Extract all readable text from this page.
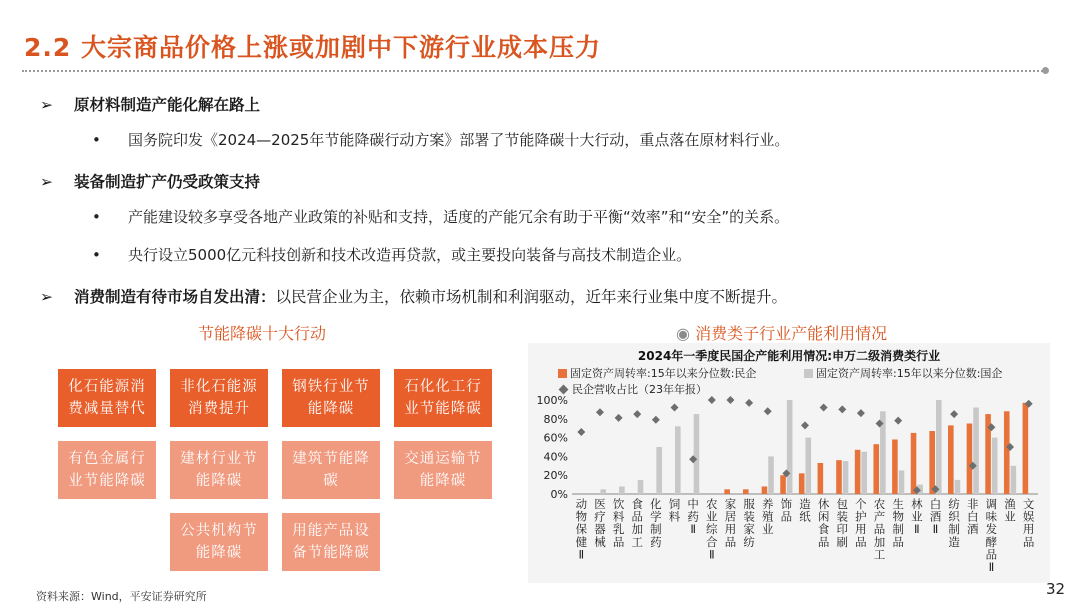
2.2 大宗商品价格上涨或加剧中下游行业成本压力
➢ 原材料制造产能化解在路上
• 国务院印发《2024—2025年节能降碳行动方案》部署了节能降碳十大行动，重点落在原材料行业。
➢ 装备制造扩产仍受政策支持
• 产能建设较多享受各地产业政策的补贴和支持，适度的产能冗余有助于平衡“效率”和“安全”的关系。
• 央行设立5000亿元科技创新和技术改造再贷款，或主要投向装备与高技术制造企业。
➢ 消费制造有待市场自发出清：以民营企业为主，依赖市场机制和利润驱动，近年来行业集中度不断提升。
节能降碳十大行动
化石能源消费减量替代
非化石能源消费提升
钢铁行业节能降碳
石化化工行业节能降碳
有色金属行业节能降碳
建材行业节能降碳
建筑节能降碳
交通运输节能降碳
公共机构节能降碳
用能产品设备节能降碳
◉ 消费类子行业产能利用情况
2024年一季度民国企产能利用情况:申万二级消费类行业
固定资产周转率:15年以来分位数:民企	固定资产周转率:15年以来分位数:国企
民企营收占比（23年年报）
0%
20%
40%
60%
80%
100%
动
物
保
健
Ⅱ
医
疗
器
械
饮
料
乳
品
食
品
加
工
化
学
制
药
饲
料
中
药
Ⅱ
农
业
综
合
Ⅱ
家
居
用
品
服
装
家
纺
养
殖
业
饰
品
造
纸
休
闲
食
品
包
装
印
刷
个
护
用
品
农
产
品
加
工
生
物
制
品
林
业
Ⅱ
白
酒
Ⅱ
纺
织
制
造
非
白
酒
调
味
发
酵
品
Ⅱ
渔
业
文
娱
用
品
资料来源：Wind，平安证券研究所	32
